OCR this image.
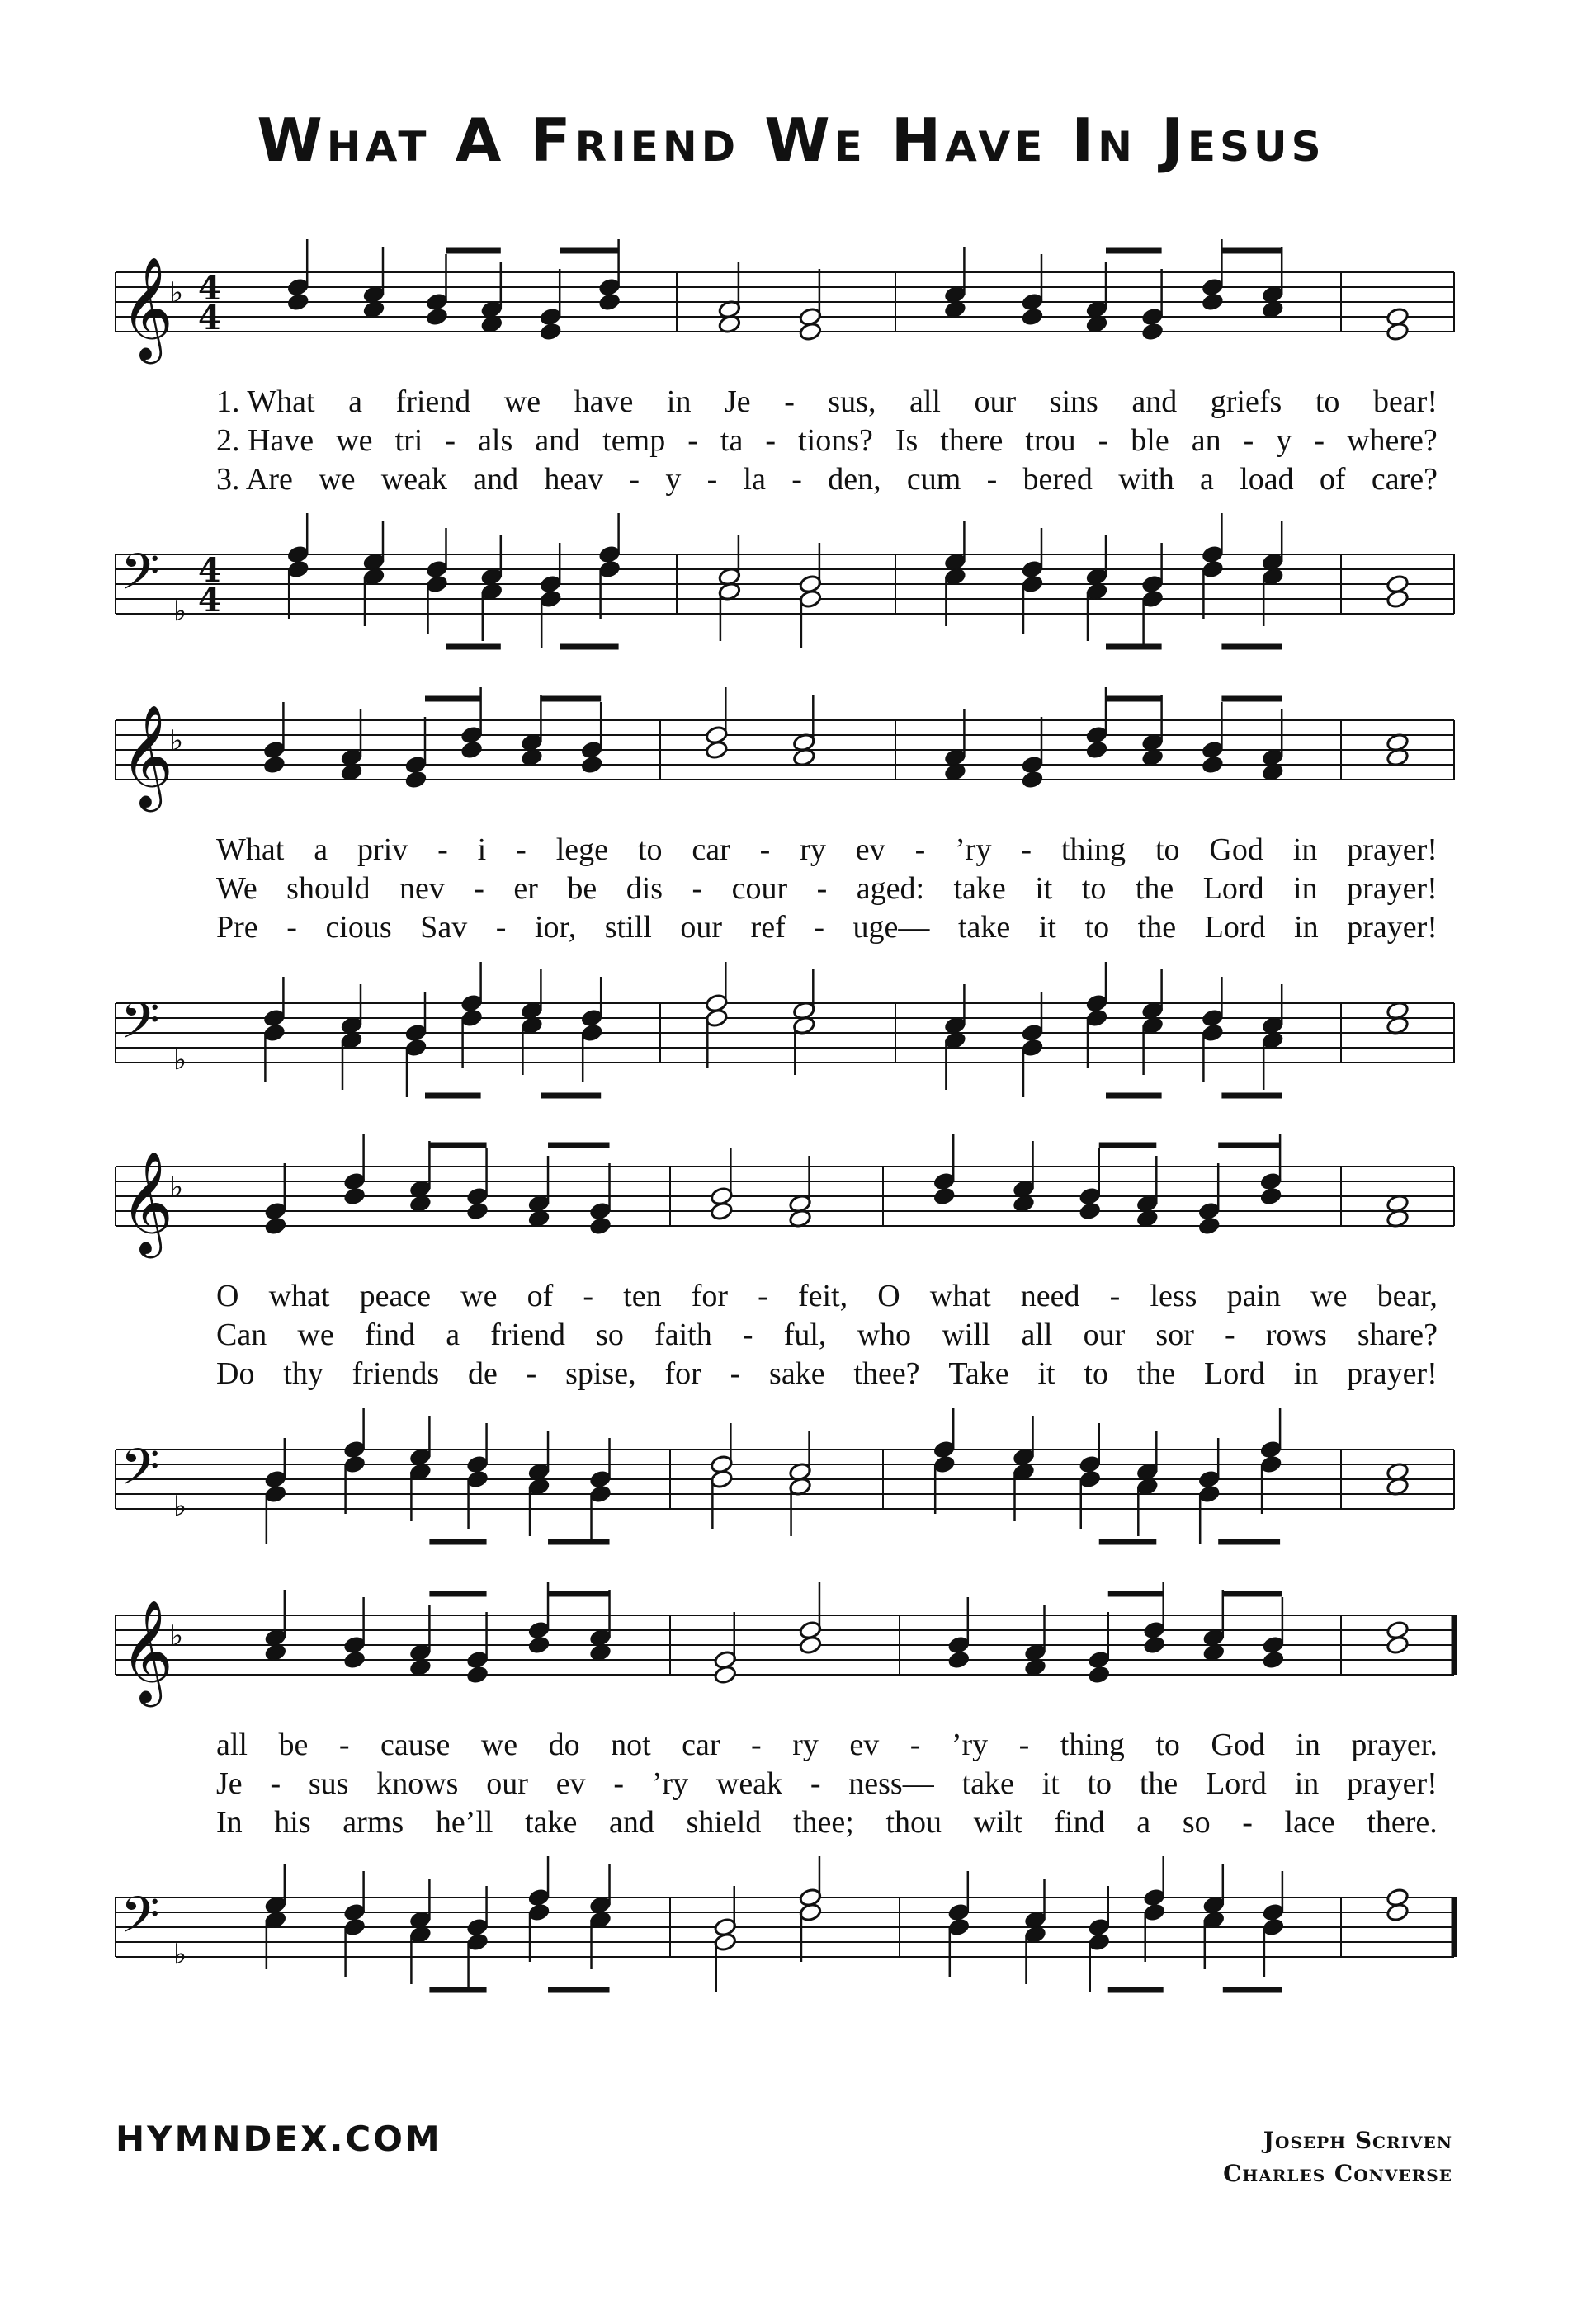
What A Friend We Have In Jesus
𝄞
𝄢
♭
♭
4
4
4
4
𝄞
𝄢
♭
♭
𝄞
𝄢
♭
♭
𝄞
𝄢
♭
♭
1. What a friend we have in Je - sus, all our sins and griefs to bear!
2. Have we tri - als and temp - ta - tions? Is there trou - ble an - y - where?
3. Are we weak and heav - y - la - den, cum - bered with a load of care?
What a priv - i - lege to car - ry ev - ’ry - thing to God in prayer!
We should nev - er be dis - cour - aged: take it to the Lord in prayer!
Pre - cious Sav - ior, still our ref - uge— take it to the Lord in prayer!
O what peace we of - ten for - feit, O what need - less pain we bear,
Can we find a friend so faith - ful, who will all our sor - rows share?
Do thy friends de - spise, for - sake thee? Take it to the Lord in prayer!
all be - cause we do not car - ry ev - ’ry - thing to God in prayer.
Je - sus knows our ev - ’ry weak - ness— take it to the Lord in prayer!
In his arms he’ll take and shield thee; thou wilt find a so - lace there.
HYMNDEX.COM	Joseph Scriven
Charles Converse
